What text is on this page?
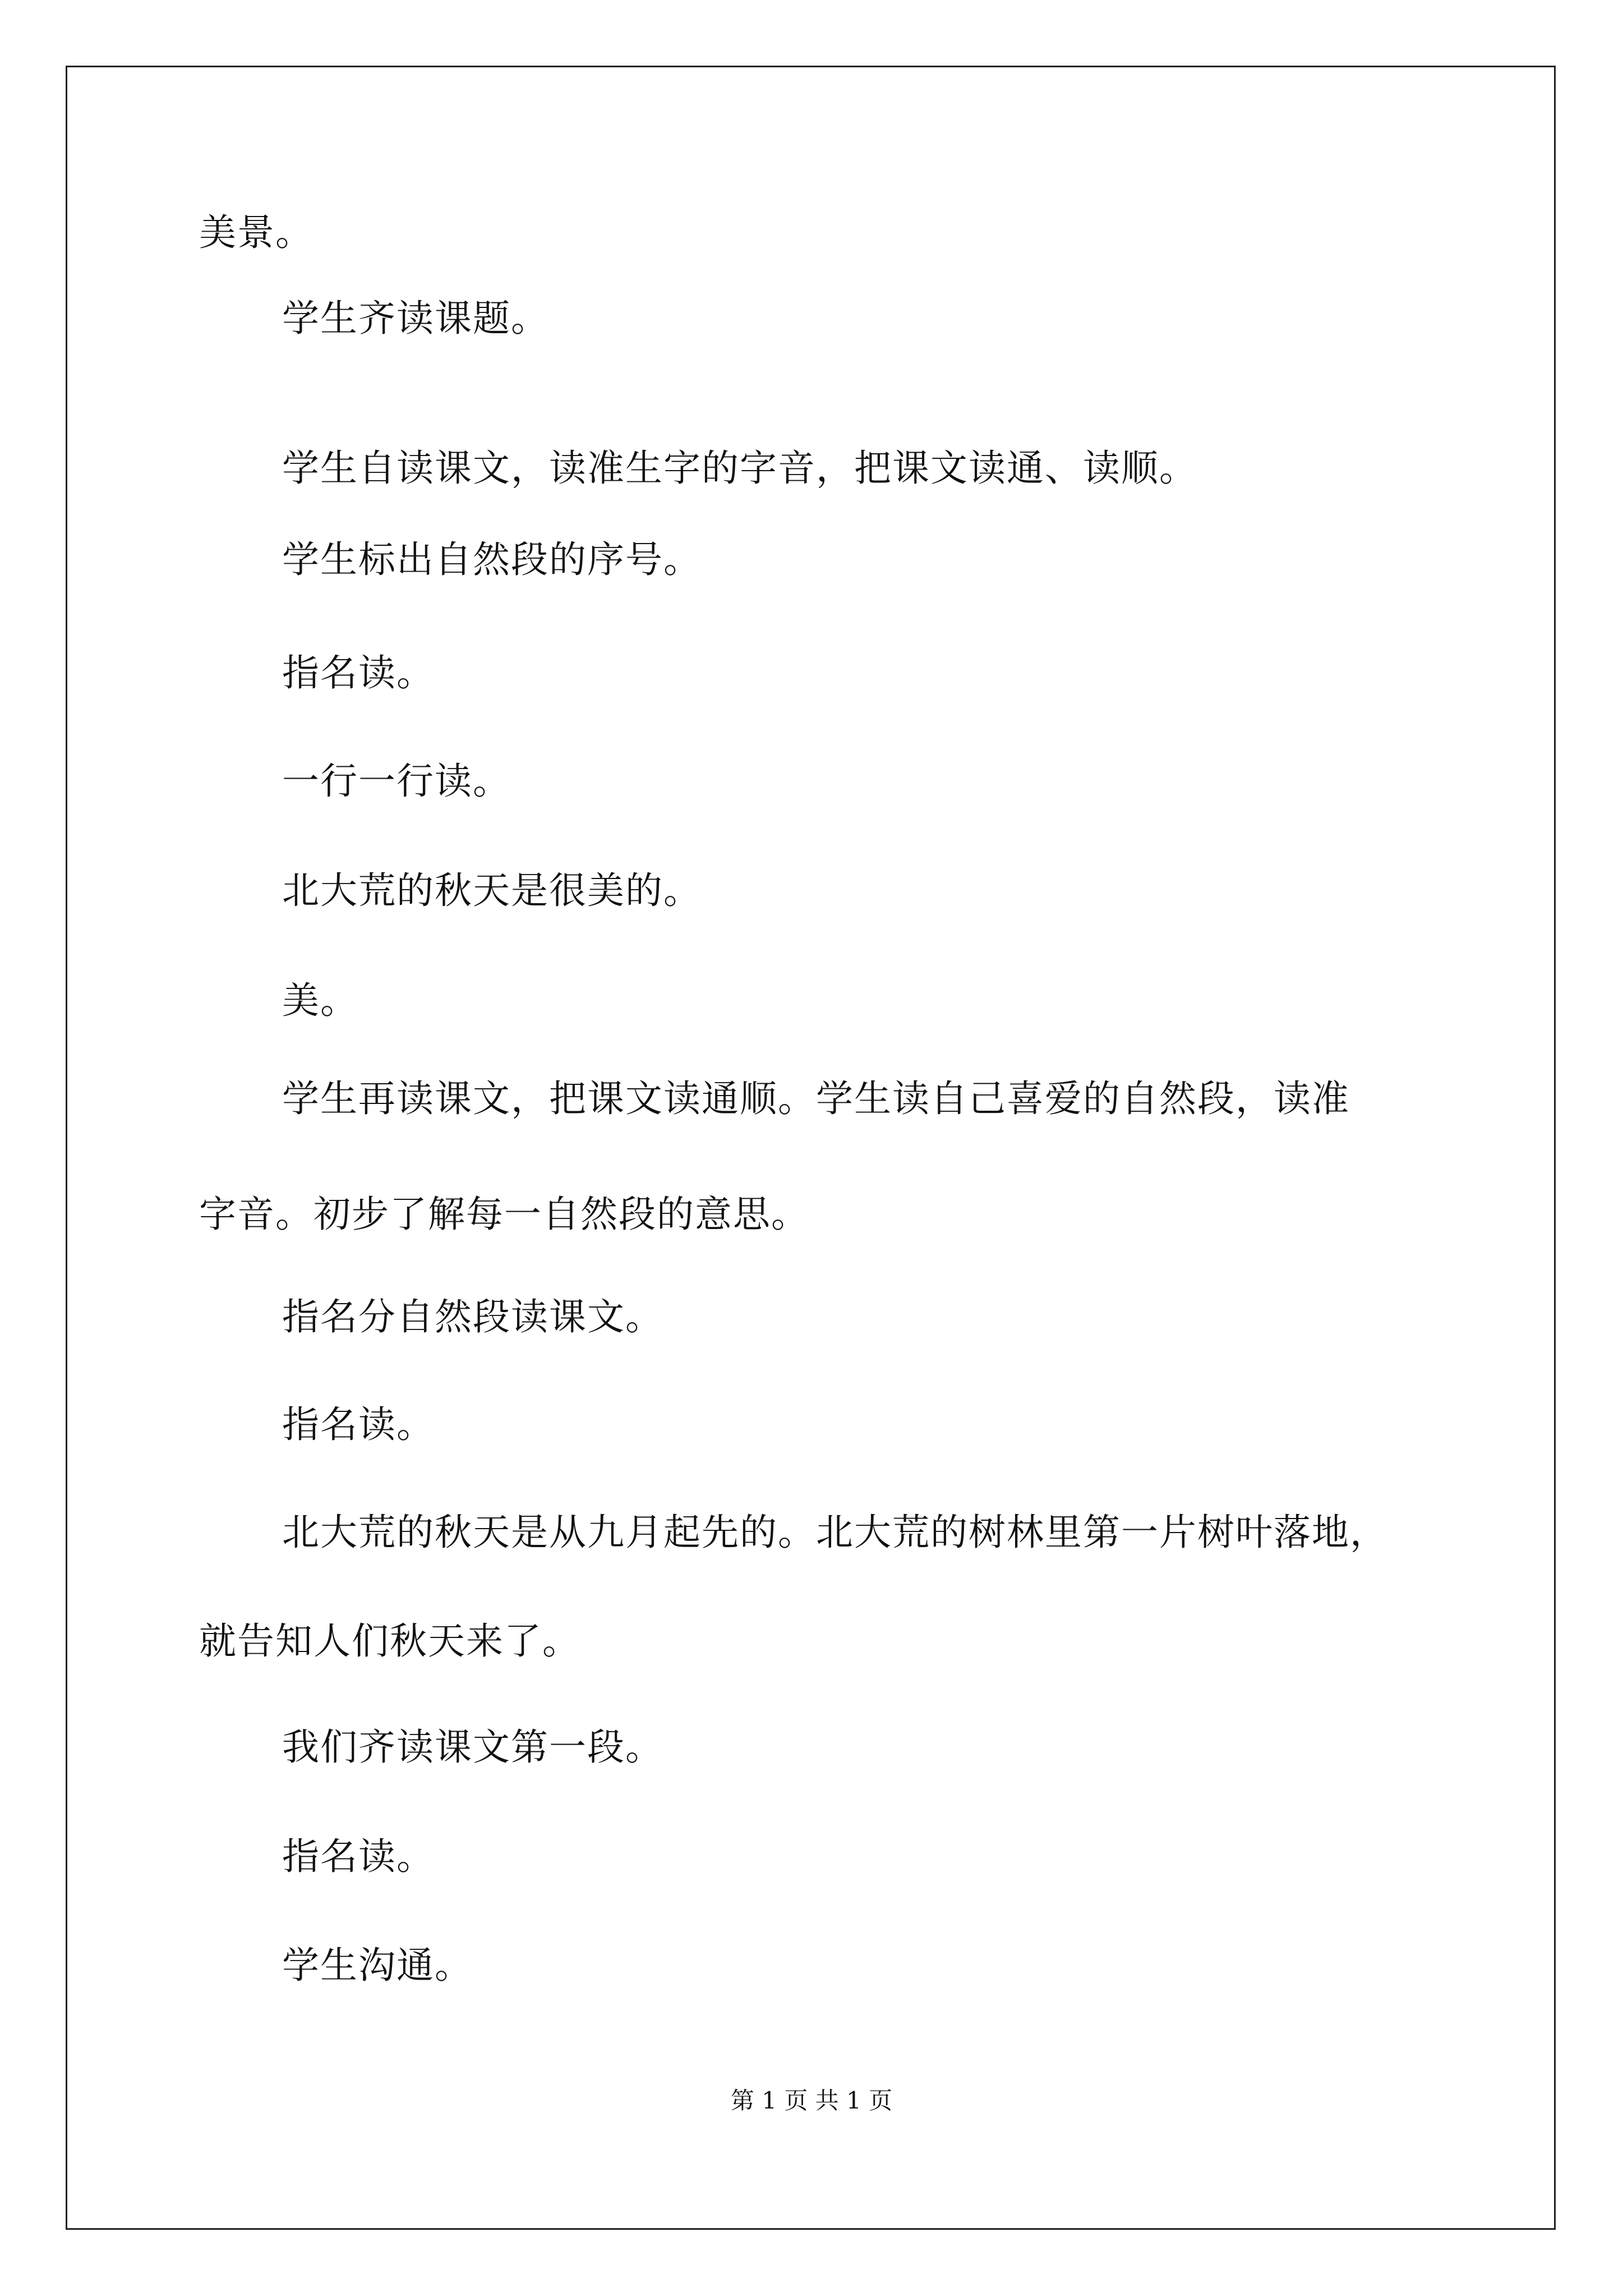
美景。
学生齐读课题。
学生自读课文，读准生字的字音，把课文读通、读顺。
学生标出自然段的序号。
指名读。
一行一行读。
北大荒的秋天是很美的。
美。
学生再读课文，把课文读通顺。学生读自己喜爱的自然段，读准
字音。初步了解每一自然段的意思。
指名分自然段读课文。
指名读。
北大荒的秋天是从九月起先的。北大荒的树林里第一片树叶落地，
就告知人们秋天来了。
我们齐读课文第一段。
指名读。
学生沟通。
第 1 页 共 1 页
